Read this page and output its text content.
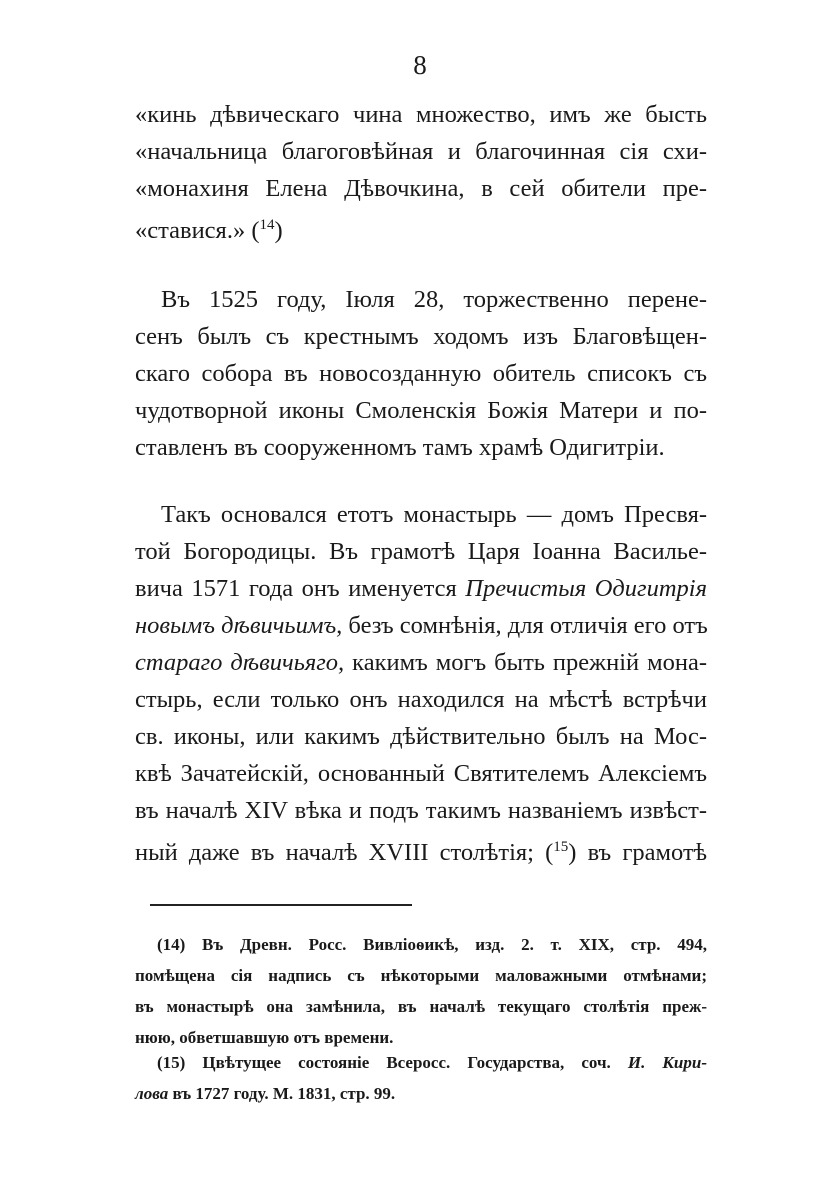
8
«кинь дѣвическаго чина множество, имъ же бысть
«начальница благоговѣйная и благочинная сія схи-
«монахиня Елена Дѣвочкина, в сей обители пре-
«ставися.» ($^{14}$)
Въ 1525 году, Іюля 28, торжественно перене-
сенъ былъ съ крестнымъ ходомъ изъ Благовѣщен-
скаго собора въ новосозданную обитель списокъ съ
чудотворной иконы Смоленскія Божія Матери и по-
ставленъ въ сооруженномъ тамъ храмѣ Одигитріи.
Такъ основался етотъ монастырь — домъ Пресвя-
той Богородицы. Въ грамотѣ Царя Іоанна Василье-
вича 1571 года онъ именуется Пречистыя Одигитрія
новымъ дѣвичьимъ, безъ сомнѣнія, для отличія его отъ
стараго дѣвичьяго, какимъ могъ быть прежній мона-
стырь, если только онъ находился на мѣстѣ встрѣчи
св. иконы, или какимъ дѣйствительно былъ на Мос-
квѣ Зачатейскій, основанный Святителемъ Алексіемъ
въ началѣ XIV вѣка и подъ такимъ названіемъ извѣст-
ный даже въ началѣ XVIII столѣтія; ($^{15}$) въ грамотѣ
(14) Въ Древн. Росс. Вивліоѳикѣ, изд. 2. т. XIX, стр. 494,
помѣщена сія надпись съ нѣкоторыми маловажными отмѣнами;
въ монастырѣ она замѣнила, въ началѣ текущаго столѣтія преж-
нюю, обветшавшую отъ времени.
(15) Цвѣтущее состояніе Всеросс. Государства, соч. И. Кири-
лова въ 1727 году. М. 1831, стр. 99.
